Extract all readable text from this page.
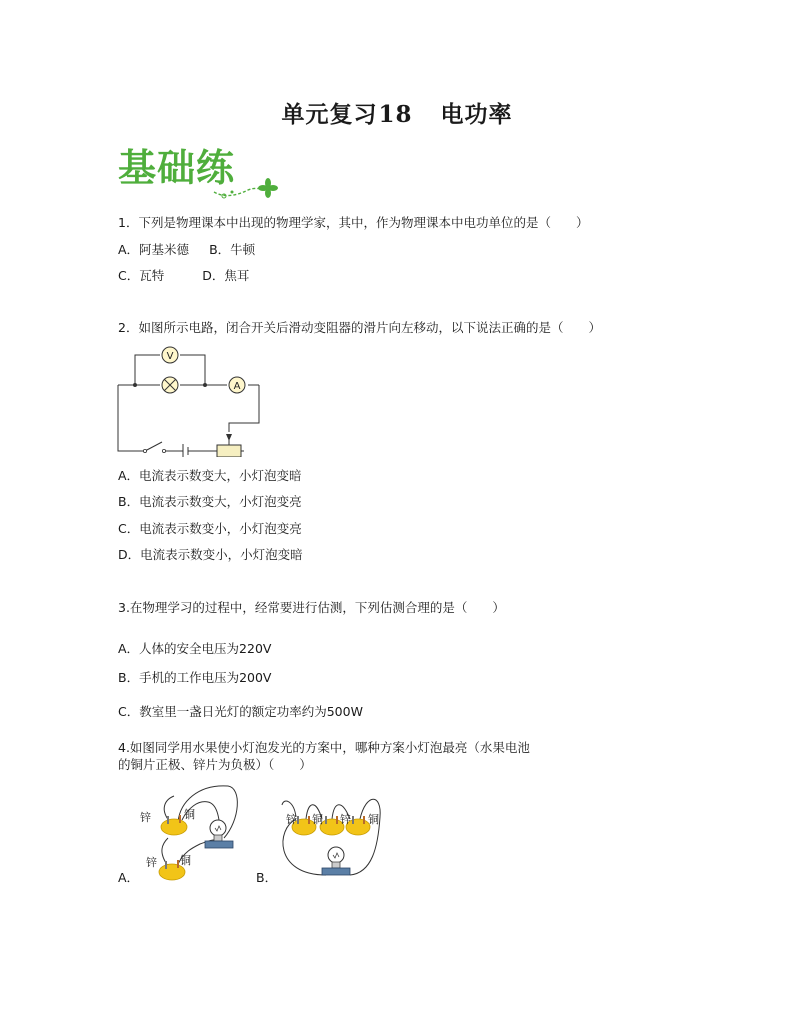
单元复习18 电功率
基础练
1．下列是物理课本中出现的物理学家，其中，作为物理课本中电功单位的是（　　）
A．阿基米德 B．牛顿
C．瓦特	D．焦耳
2．如图所示电路，闭合开关后滑动变阻器的滑片向左移动，以下说法正确的是（　　）
V
A
A．电流表示数变大，小灯泡变暗
B．电流表示数变大，小灯泡变亮
C．电流表示数变小，小灯泡变亮
D．电流表示数变小，小灯泡变暗
3.在物理学习的过程中，经常要进行估测，下列估测合理的是（　　）
A．人体的安全电压为220V
B．手机的工作电压为200V
C．教室里一盏日光灯的额定功率约为500W
4.如图同学用水果使小灯泡发光的方案中，哪种方案小灯泡最亮（水果电池
的铜片正极、锌片为负极）（　　）
锌	铜
锌 铜
A．
锌 铜 锌 铜
B．
